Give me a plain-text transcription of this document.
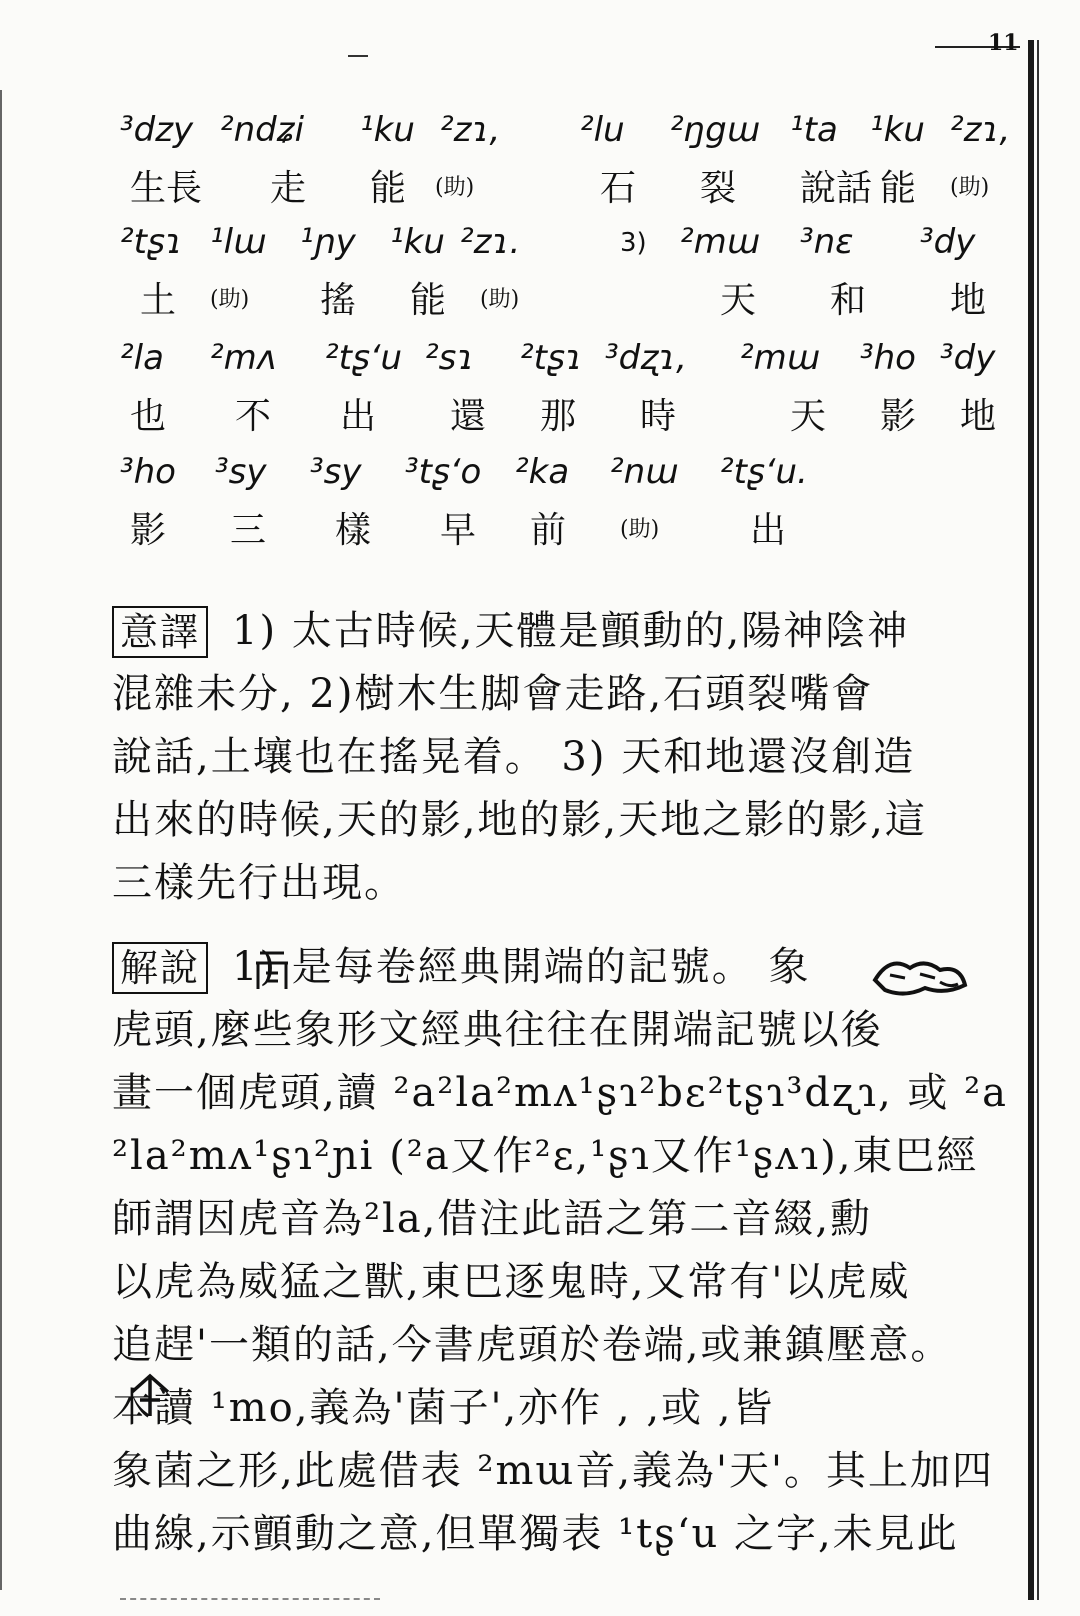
11
³dzy ²ndʑi ¹ku ²zɿ, ²lu ²ŋgɯ ¹ta ¹ku ²zɿ,
生長 走 能 (助)	石 裂 說話 能 (助)
²tʂɿ ¹lɯ ¹ɲy ¹ku ²zɿ.	3) ²mɯ ³nɛ ³dy
土 (助) 搖 能 (助)	天 和 地
²la ²mʌ ²tʂʻu ²sɿ ²tʂɿ ³dʐɿ, ²mɯ ³ho ³dy
也 不 出 還 那 時	天 影 地
³ho ³sy ³sy ³tʂʻo ²ka ²nɯ ²tʂʻu.
影 三 樣 早 前 (助)	出
意譯 1) 太古時候,天體是顫動的,陽神陰神
混雜未分, 2)樹木生脚會走路,石頭裂嘴會
說話,土壤也在搖晃着。 3) 天和地還沒創造
出來的時候,天的影,地的影,天地之影的影,這
三樣先行出現。
解說 1) 是每卷經典開端的記號。 象
虎頭,麼些象形文經典往往在開端記號以後
畫一個虎頭,讀 ²a²la²mʌ¹ʂɿ²bɛ²tʂɿ³dʐɿ, 或 ²a
²la²mʌ¹ʂɿ²ɲi (²a又作²ɛ,¹ʂɿ又作¹ʂʌɿ),東巴經
師謂因虎音為²la,借注此語之第二音綴,勳
以虎為威猛之獸,東巴逐鬼時,又常有'以虎威
追趕'一類的話,今書虎頭於卷端,或兼鎮壓意。
本讀 ¹mo,義為'菌子',亦作 , ,或 ,皆
象菌之形,此處借表 ²mɯ音,義為'天'。其上加四
曲線,示顫動之意,但單獨表 ¹tʂʻu 之字,未見此
